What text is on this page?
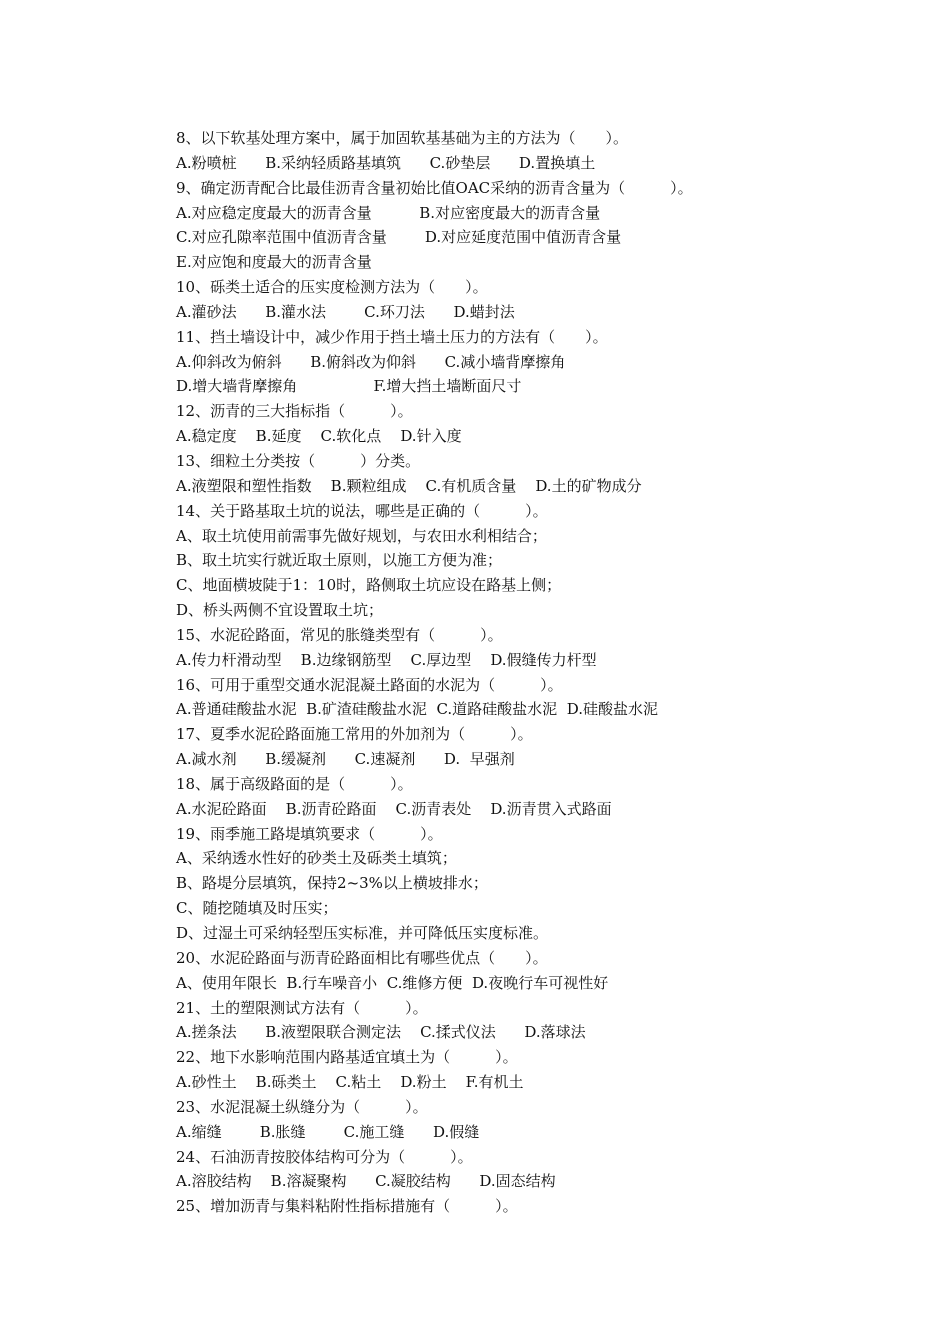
8、以下软基处理方案中，属于加固软基基础为主的方法为（　　）。
A.粉喷桩      B.采纳轻质路基填筑      C.砂垫层      D.置换填土
9、确定沥青配合比最佳沥青含量初始比值OAC采纳的沥青含量为（　　　）。
A.对应稳定度最大的沥青含量          B.对应密度最大的沥青含量
C.对应孔隙率范围中值沥青含量        D.对应延度范围中值沥青含量
E.对应饱和度最大的沥青含量
10、砾类土适合的压实度检测方法为（　　）。
A.灌砂法      B.灌水法        C.环刀法      D.蜡封法
11、挡土墙设计中，减少作用于挡土墙土压力的方法有（　　）。
A.仰斜改为俯斜      B.俯斜改为仰斜      C.减小墙背摩擦角
D.增大墙背摩擦角                F.增大挡土墙断面尺寸
12、沥青的三大指标指（　　　）。
A.稳定度    B.延度    C.软化点    D.针入度
13、细粒土分类按（　　　）分类。
A.液塑限和塑性指数    B.颗粒组成    C.有机质含量    D.土的矿物成分
14、关于路基取土坑的说法，哪些是正确的（　　　）。
A、取土坑使用前需事先做好规划，与农田水利相结合；
B、取土坑实行就近取土原则，以施工方便为准；
C、地面横坡陡于1：10时，路侧取土坑应设在路基上侧；
D、桥头两侧不宜设置取土坑；
15、水泥砼路面，常见的胀缝类型有（　　　）。
A.传力杆滑动型    B.边缘钢筋型    C.厚边型    D.假缝传力杆型
16、可用于重型交通水泥混凝土路面的水泥为（　　　）。
A.普通硅酸盐水泥  B.矿渣硅酸盐水泥  C.道路硅酸盐水泥  D.硅酸盐水泥
17、夏季水泥砼路面施工常用的外加剂为（　　　）。
A.减水剂      B.缓凝剂      C.速凝剂      D.  早强剂
18、属于高级路面的是（　　　）。
A.水泥砼路面    B.沥青砼路面    C.沥青表处    D.沥青贯入式路面
19、雨季施工路堤填筑要求（　　　）。
A、采纳透水性好的砂类土及砾类土填筑；
B、路堤分层填筑，保持2~3%以上横坡排水；
C、随挖随填及时压实；
D、过湿土可采纳轻型压实标准，并可降低压实度标准。
20、水泥砼路面与沥青砼路面相比有哪些优点（　　）。
A、使用年限长  B.行车噪音小  C.维修方便  D.夜晚行车可视性好
21、土的塑限测试方法有（　　　）。
A.搓条法      B.液塑限联合测定法    C.揉式仪法      D.落球法
22、地下水影响范围内路基适宜填土为（　　　）。
A.砂性土    B.砾类土    C.粘土    D.粉土    F.有机土
23、水泥混凝土纵缝分为（　　　）。
A.缩缝        B.胀缝        C.施工缝      D.假缝
24、石油沥青按胶体结构可分为（　　　）。
A.溶胶结构    B.溶凝聚构      C.凝胶结构      D.固态结构
25、增加沥青与集料粘附性指标措施有（　　　）。
